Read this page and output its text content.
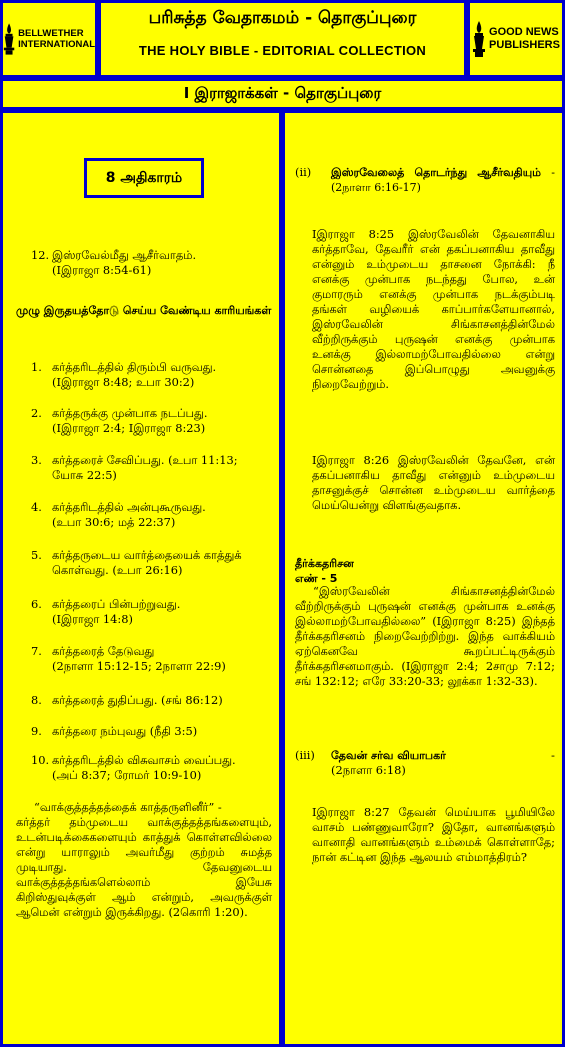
BELLWETHER
INTERNATIONAL
பரிசுத்த வேதாகமம் - தொகுப்புரை
THE HOLY BIBLE - EDITORIAL COLLECTION
GOOD NEWS
PUBLISHERS
I இராஜாக்கள் - தொகுப்புரை
8 அதிகாரம்
12. இஸ்ரவேல்மீது ஆசீர்வாதம்.
(Iஇராஜா 8:54-61)
முழு இருதயத்தோடு செய்ய வேண்டிய காரியங்கள்
1. கர்த்தரிடத்தில் திரும்பி வருவது.
(Iஇராஜா 8:48; உபா 30:2)
2. கர்த்தருக்கு முன்பாக நடப்பது.
(Iஇராஜா 2:4; Iஇராஜா 8:23)
3. கர்த்தரைச் சேவிப்பது. (உபா 11:13;
யோசு 22:5)
4. கர்த்தரிடத்தில் அன்புகூருவது.
(உபா 30:6; மத் 22:37)
5. கர்த்தருடைய வார்த்தையைக் காத்துக்
கொள்வது. (உபா 26:16)
6. கர்த்தரைப் பின்பற்றுவது.
(Iஇராஜா 14:8)
7. கர்த்தரைத் தேடுவது
(2நாளா 15:12-15; 2நாளா 22:9)
8. கர்த்தரைத் துதிப்பது. (சங் 86:12)
9. கர்த்தரை நம்புவது (நீதி 3:5)
10. கர்த்தரிடத்தில் விசுவாசம் வைப்பது.
(அப் 8:37; ரோமர் 10:9-10)

“வாக்குத்தத்தத்தைக் காத்தருளினீர்” -

கர்த்தர் தம்முடைய வாக்குத்தத்தங்களையும், உடன்படிக்கைகளையும் காத்துக் கொள்ளவில்லை என்று யாராலும் அவர்மீது குற்றம் சுமத்த முடியாது. தேவனுடைய வாக்குத்தத்தங்களெல்லாம் இயேசு கிறிஸ்துவுக்குள் ஆம் என்றும், அவருக்குள் ஆமென் என்றும் இருக்கிறது. (2கொரி 1:20).

(ii) இஸ்ரவேலைத் தொடர்ந்து ஆசீர்வதியும் - (2நாளா 6:16-17)

Iஇராஜா 8:25 இஸ்ரவேலின் தேவனாகிய கர்த்தாவே, தேவரீர் என் தகப்பனாகிய தாவீது என்னும் உம்முடைய தாசனை நோக்கி: நீ எனக்கு முன்பாக நடந்தது போல, உன் குமாரரும் எனக்கு முன்பாக நடக்கும்படி தங்கள் வழியைக் காப்பார்களேயானால், இஸ்ரவேலின் சிங்காசனத்தின்மேல் வீற்றிருக்கும் புருஷன் எனக்கு முன்பாக உனக்கு இல்லாமற்போவதில்லை என்று சொன்னதை இப்பொழுது அவனுக்கு நிறைவேற்றும்.

Iஇராஜா 8:26 இஸ்ரவேலின் தேவனே, என் தகப்பனாகிய தாவீது என்னும் உம்முடைய தாசனுக்குச் சொன்ன உம்முடைய வார்த்தை மெய்யென்று விளங்குவதாக.

தீர்க்கதரிசன எண் - 5

“இஸ்ரவேலின் சிங்காசனத்தின்மேல் வீற்றிருக்கும் புருஷன் எனக்கு முன்பாக உனக்கு இல்லாமற்போவதில்லை” (Iஇராஜா 8:25) இந்தத் தீர்க்கதரிசனம் நிறைவேற்றிற்று. இந்த வாக்கியம் ஏற்கெனவே கூறப்பட்டிருக்கும் தீர்க்கதரிசனமாகும். (Iஇராஜா 2:4; 2சாமு 7:12; சங் 132:12; எரே 33:20-33; லூக்கா 1:32-33).

(iii) தேவன் சர்வ வியாபகர்	-
(2நாளா 6:18)

Iஇராஜா 8:27 தேவன் மெய்யாக பூமியிலே வாசம் பண்ணுவாரோ? இதோ, வானங்களும் வானாதி வானங்களும் உம்மைக் கொள்ளாதே; நான் கட்டின இந்த ஆலயம் எம்மாத்திரம்?
